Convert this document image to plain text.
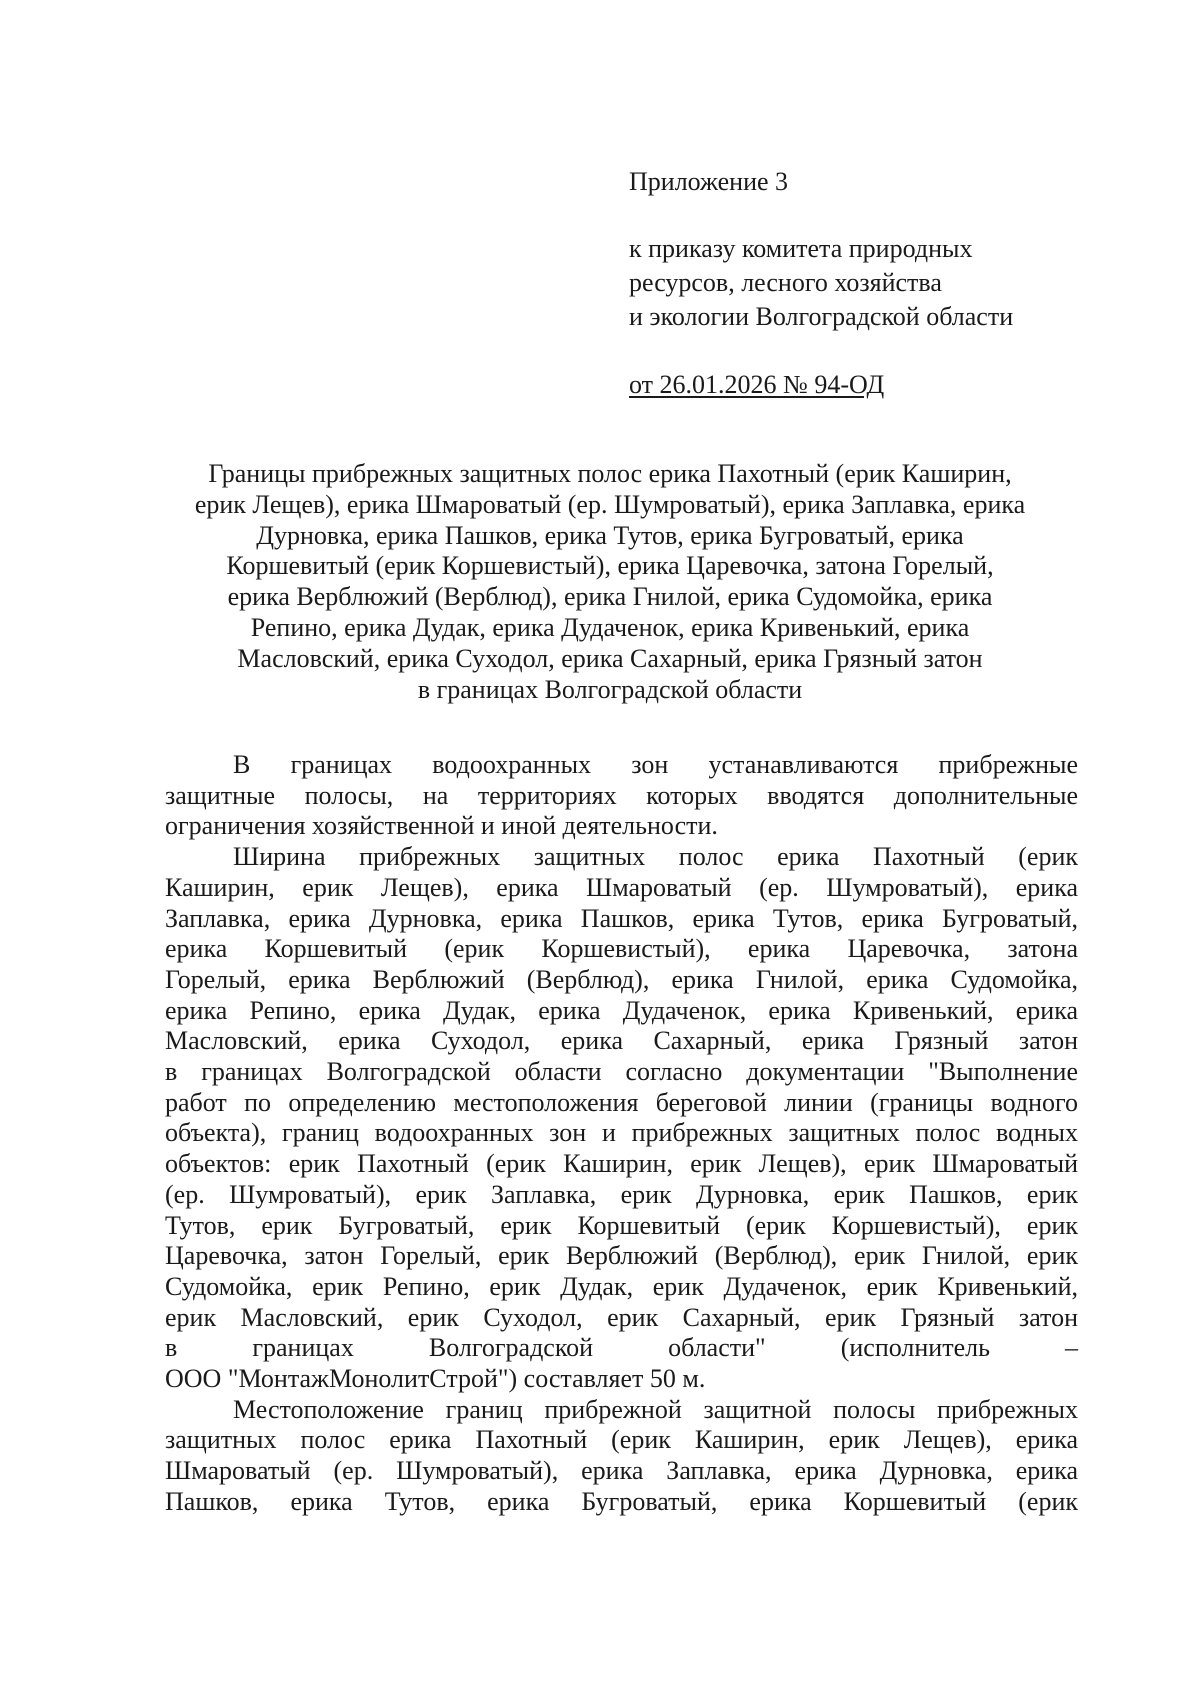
Приложение 3
к приказу комитета природных
ресурсов, лесного хозяйства
и экологии Волгоградской области
от 26.01.2026 № 94-ОД
Границы прибрежных защитных полос ерика Пахотный (ерик Каширин,
ерик Лещев), ерика Шмароватый (ер. Шумроватый), ерика Заплавка, ерика
Дурновка, ерика Пашков, ерика Тутов, ерика Бугроватый, ерика
Коршевитый (ерик Коршевистый), ерика Царевочка, затона Горелый,
ерика Верблюжий (Верблюд), ерика Гнилой, ерика Судомойка, ерика
Репино, ерика Дудак, ерика Дудаченок, ерика Кривенький, ерика
Масловский, ерика Суходол, ерика Сахарный, ерика Грязный затон
в границах Волгоградской области
В границах водоохранных зон устанавливаются прибрежные
защитные полосы, на территориях которых вводятся дополнительные
ограничения хозяйственной и иной деятельности.
Ширина прибрежных защитных полос ерика Пахотный (ерик
Каширин, ерик Лещев), ерика Шмароватый (ер. Шумроватый), ерика
Заплавка, ерика Дурновка, ерика Пашков, ерика Тутов, ерика Бугроватый,
ерика Коршевитый (ерик Коршевистый), ерика Царевочка, затона
Горелый, ерика Верблюжий (Верблюд), ерика Гнилой, ерика Судомойка,
ерика Репино, ерика Дудак, ерика Дудаченок, ерика Кривенький, ерика
Масловский, ерика Суходол, ерика Сахарный, ерика Грязный затон
в границах Волгоградской области согласно документации "Выполнение
работ по определению местоположения береговой линии (границы водного
объекта), границ водоохранных зон и прибрежных защитных полос водных
объектов: ерик Пахотный (ерик Каширин, ерик Лещев), ерик Шмароватый
(ер. Шумроватый), ерик Заплавка, ерик Дурновка, ерик Пашков, ерик
Тутов, ерик Бугроватый, ерик Коршевитый (ерик Коршевистый), ерик
Царевочка, затон Горелый, ерик Верблюжий (Верблюд), ерик Гнилой, ерик
Судомойка, ерик Репино, ерик Дудак, ерик Дудаченок, ерик Кривенький,
ерик Масловский, ерик Суходол, ерик Сахарный, ерик Грязный затон
в границах Волгоградской области" (исполнитель –
ООО "МонтажМонолитСтрой") составляет 50 м.
Местоположение границ прибрежной защитной полосы прибрежных
защитных полос ерика Пахотный (ерик Каширин, ерик Лещев), ерика
Шмароватый (ер. Шумроватый), ерика Заплавка, ерика Дурновка, ерика
Пашков, ерика Тутов, ерика Бугроватый, ерика Коршевитый (ерик
